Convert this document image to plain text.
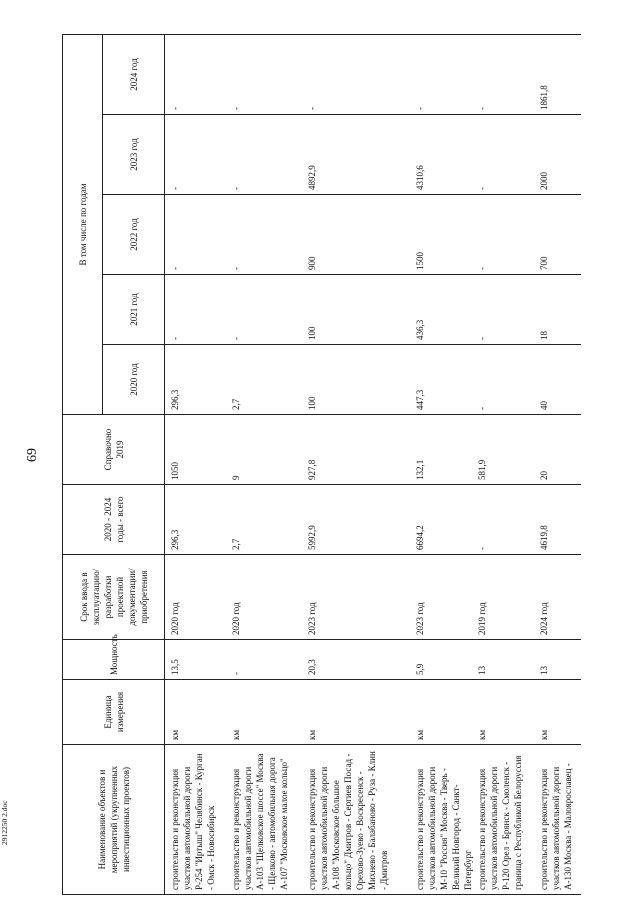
69
2912250 2.doc	Наименование объектов и мероприятий (укрупненных инвестиционных проектов)	Единица измерения	Мощность	Срок ввода в эксплуатацию/ разработки проектной документации/ приобретения	2020 - 2024 годы - всего	Справочно 2019	В том числе по годам				
						2020 год	2021 год	2022 год	2023 год	2024 год
строительство и реконструкция участков автомобильной дороги Р-254 "Иртыш" Челябинск - Курган - Омск - Новосибирск	км	13,5	2020 год	296,3	1050	296,3	-	-	-	-
строительство и реконструкция участков автомобильной дороги А-103 "Щелковское шоссе" Москва - Щелково - автомобильная дорога А-107 "Московское малое кольцо"	км	-	2020 год	2,7	9	2,7	-	-	-	-
строительство и реконструкция участков автомобильной дороги А-108 "Московское большое кольцо" Дмитров - Сергиев Посад - Орехово-Зуево - Воскресенск - Михнево - Балабаново - Руза - Клин - Дмитров	км	20,3	2023 год	5992,9	927,8	100	100	900	4892,9	-
строительство и реконструкция участков автомобильной дороги М-10 "Россия" Москва - Тверь - Великий Новгород - Санкт-Петербург	км	5,9	2023 год	6694,2	132,1	447,3	436,3	1500	4310,6	-
строительство и реконструкция участков автомобильной дороги Р-120 Орел - Брянск - Смоленск - граница с Республикой Белоруссия	км	13	2019 год	-	581,9	-	-	-	-	-
строительство и реконструкция участков автомобильной дороги А-130 Москва - Малоярославец -	км	13	2024 год	4619,8	20	40	18	700	2000	1861,8
